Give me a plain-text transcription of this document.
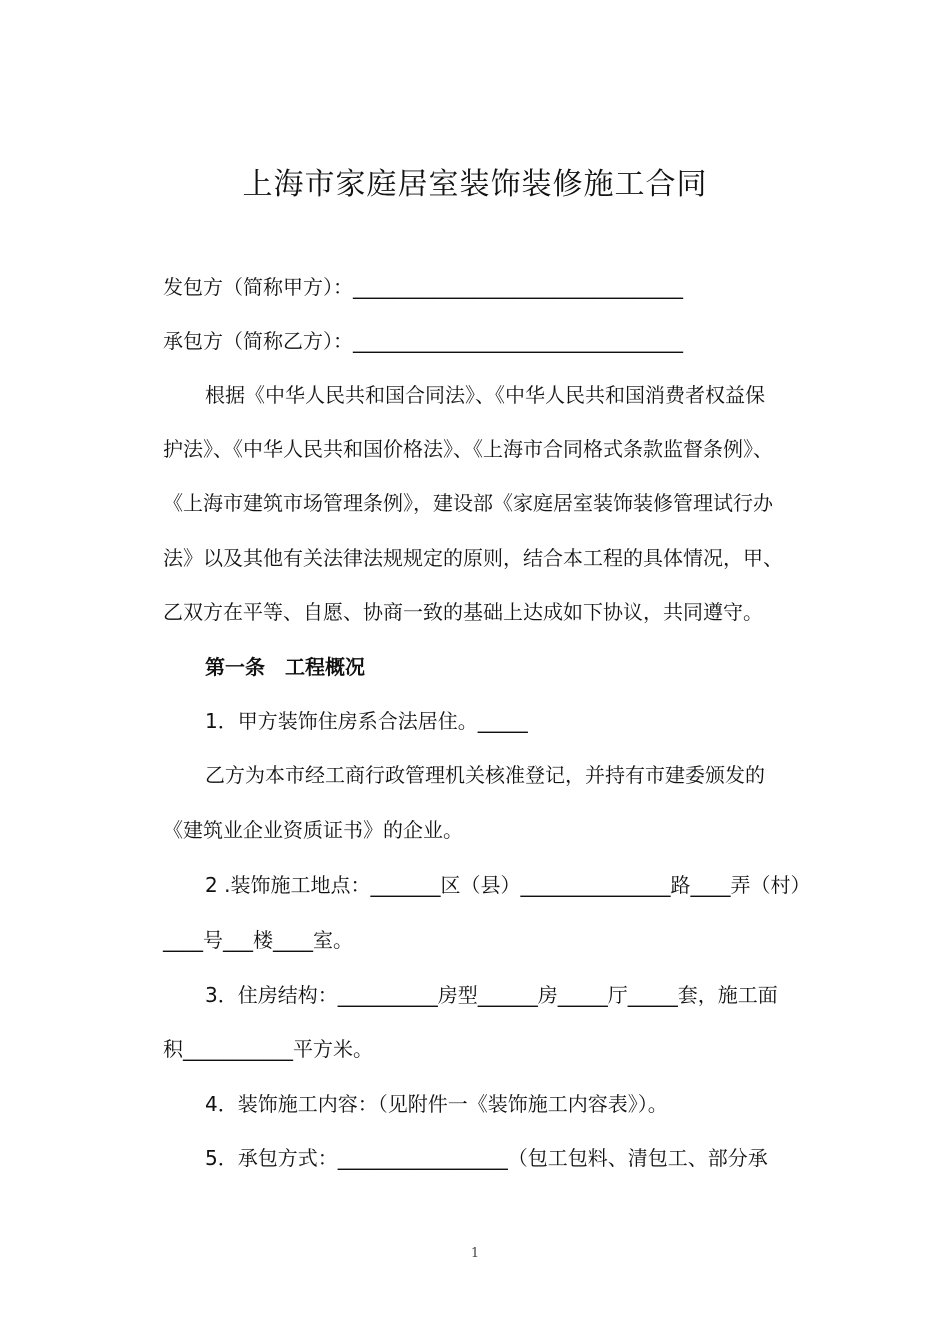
上海市家庭居室装饰装修施工合同
发包方（简称甲方）：_________________________________
承包方（简称乙方）：_________________________________
根据《中华人民共和国合同法》、《中华人民共和国消费者权益保
护法》、《中华人民共和国价格法》、《上海市合同格式条款监督条例》、
《上海市建筑市场管理条例》，建设部《家庭居室装饰装修管理试行办
法》以及其他有关法律法规规定的原则，结合本工程的具体情况，甲、
乙双方在平等、自愿、协商一致的基础上达成如下协议，共同遵守。
第一条　工程概况
1．甲方装饰住房系合法居住。_____
乙方为本市经工商行政管理机关核准登记，并持有市建委颁发的
《建筑业企业资质证书》的企业。
2 .装饰施工地点：_______区（县）_______________路____弄（村）
____号___楼____室。
3．住房结构：__________房型______房_____厅_____套，施工面
积___________平方米。
4．装饰施工内容：（见附件一《装饰施工内容表》）。
5．承包方式：_________________（包工包料、清包工、部分承
1
